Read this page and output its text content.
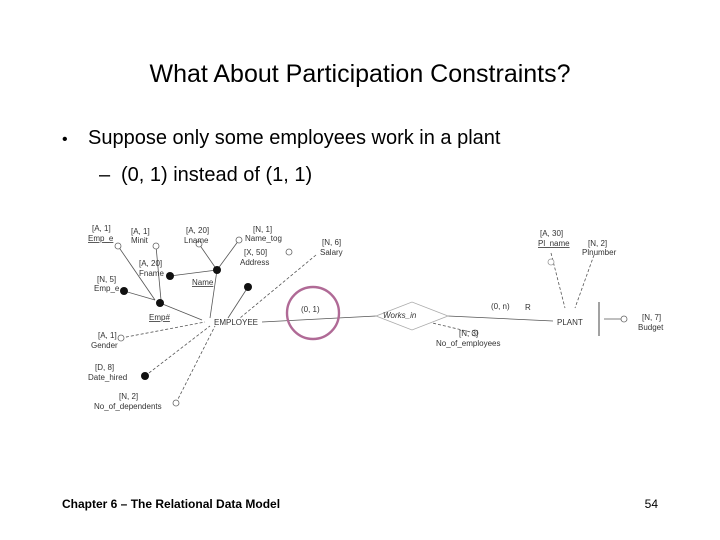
What About Participation Constraints?
•	Suppose only some employees work in a plant
– (0, 1) instead of (1, 1)
[A, 1]
Emp_e
[A, 1]
Minit
[A, 20]
Lname
[N, 1]
Name_tog
[A, 20]
Fname
[X, 50]
Address
[N, 6]
Salary
Name
[N, 5]
Emp_e
Emp#
[A, 1]
Gender
[D, 8]
Date_hired
[N, 2]
No_of_dependents
EMPLOYEE
(0, 1)
Works_in
(0, n) R
[N, 3]
No_of_employees
PLANT
[A, 30]
Pl_name [N, 2]
Plnumber
[N, 7]
Budget
Chapter 6 – The Relational Data Model	54
